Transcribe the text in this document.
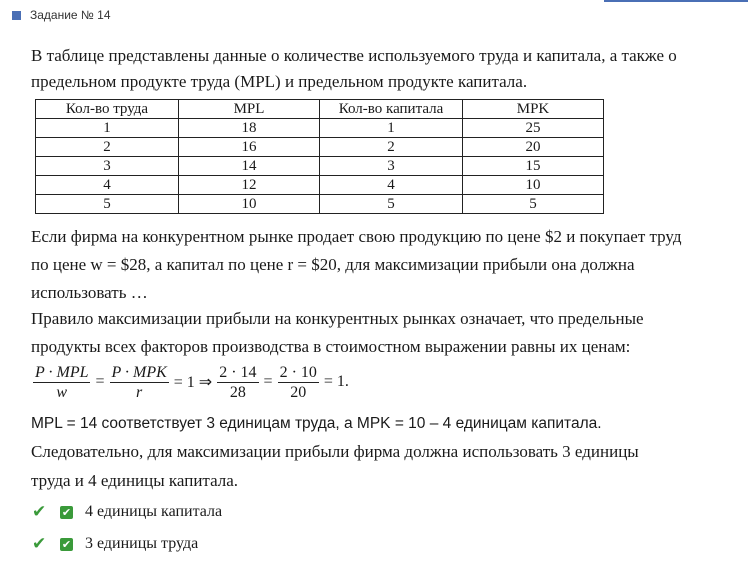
Задание № 14

В таблице представлены данные о количестве используемого труда и капитала, а также о

предельном продукте труда (MPL) и предельном продукте капитала.

Кол-во труда	MPL	Кол-во капитала	MPK
1	18	1	25
2	16	2	20
3	14	3	15
4	12	4	10
5	10	5	5

Если фирма на конкурентном рынке продает свою продукцию по цене $2 и покупает труд

по цене w = $28, а капитал по цене r = $20, для максимизации прибыли она должна

использовать …

Правило максимизации прибыли на конкурентных рынках означает, что предельные

продукты всех факторов производства в стоимостном выражении равны их ценам:

$\frac{\text{P · MPL}}{w} = \frac{\text{P · MPK}}{r} = 1$ ⇒ $\frac{2 \cdot 14}{28} = \frac{2 \cdot 10}{20} = 1$.

MPL = 14 соответствует 3 единицам труда, а MPK = 10 – 4 единицам капитала.

Следовательно, для максимизации прибыли фирма должна использовать 3 единицы

труда и 4 единицы капитала.

✔	✔ 4 единицы капитала
✔	✔ 3 единицы труда
